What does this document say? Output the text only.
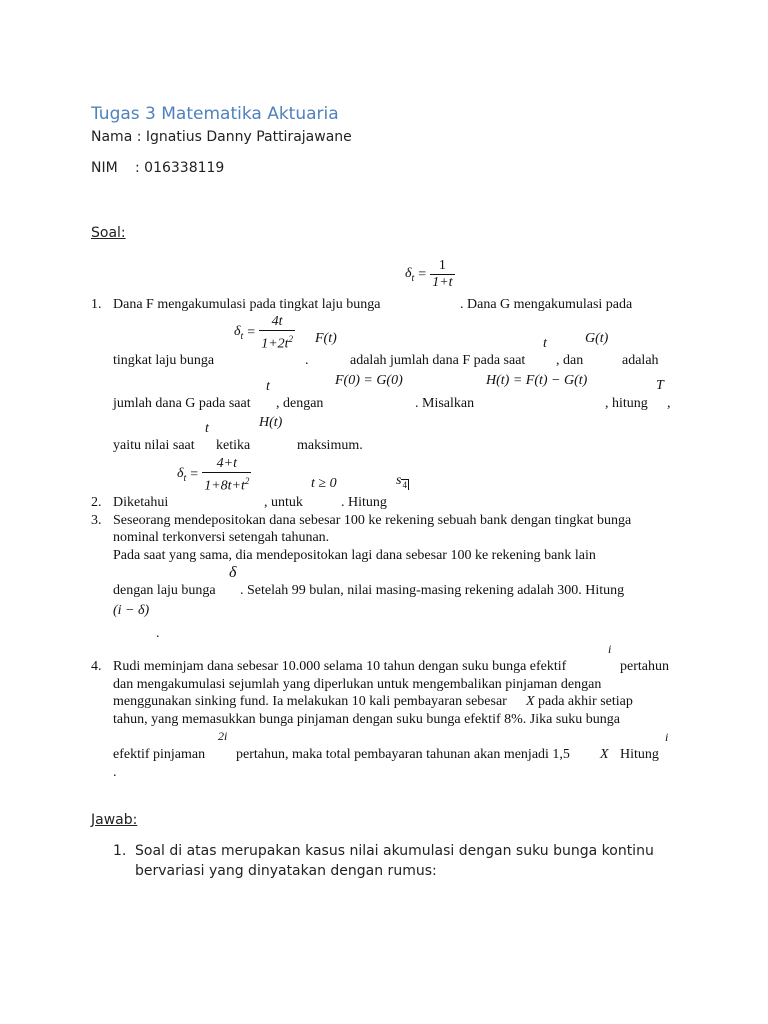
Tugas 3 Matematika Aktuaria
Nama : Ignatius Danny Pattirajawane
NIM : 016338119
Soal:
$\delta_t = \frac{1}{1+t}$
1. Dana F mengakumulasi pada tingkat laju bunga	. Dana G mengakumulasi pada
$\delta_t = \frac{4t}{1+2t^2} F(t)$	t	G(t)
tingkat laju bunga	.	adalah jumlah dana F pada saat , dan	adalah
t	F(0) = G(0)	H(t) = F(t) − G(t)	T
jumlah dana G pada saat , dengan	. Misalkan	, hitung ,
t	H(t)
yaitu nilai saat ketika	maksimum.
$\delta_t = \frac{4+t}{1+8t+t^2}$	t ≥ 0	$s_4$
2. Diketahui	, untuk	. Hitung
3. Seseorang mendepositokan dana sebesar 100 ke rekening sebuah bank dengan tingkat bunga
nominal terkonversi setengah tahunan.
Pada saat yang sama, dia mendepositokan lagi dana sebesar 100 ke rekening bank lain
δ
dengan laju bunga . Setelah 99 bulan, nilai masing-masing rekening adalah 300. Hitung
(i − δ)
.
i
4. Rudi meminjam dana sebesar 10.000 selama 10 tahun dengan suku bunga efektif	pertahun
dan mengakumulasi sejumlah yang diperlukan untuk mengembalikan pinjaman dengan
menggunakan sinking fund. Ia melakukan 10 kali pembayaran sebesar X pada akhir setiap
tahun, yang memasukkan bunga pinjaman dengan suku bunga efektif 8%. Jika suku bunga
2i	i
efektif pinjaman pertahun, maka total pembayaran tahunan akan menjadi 1,5 X Hitung
.
Jawab:
1. Soal di atas merupakan kasus nilai akumulasi dengan suku bunga kontinu
bervariasi yang dinyatakan dengan rumus:
